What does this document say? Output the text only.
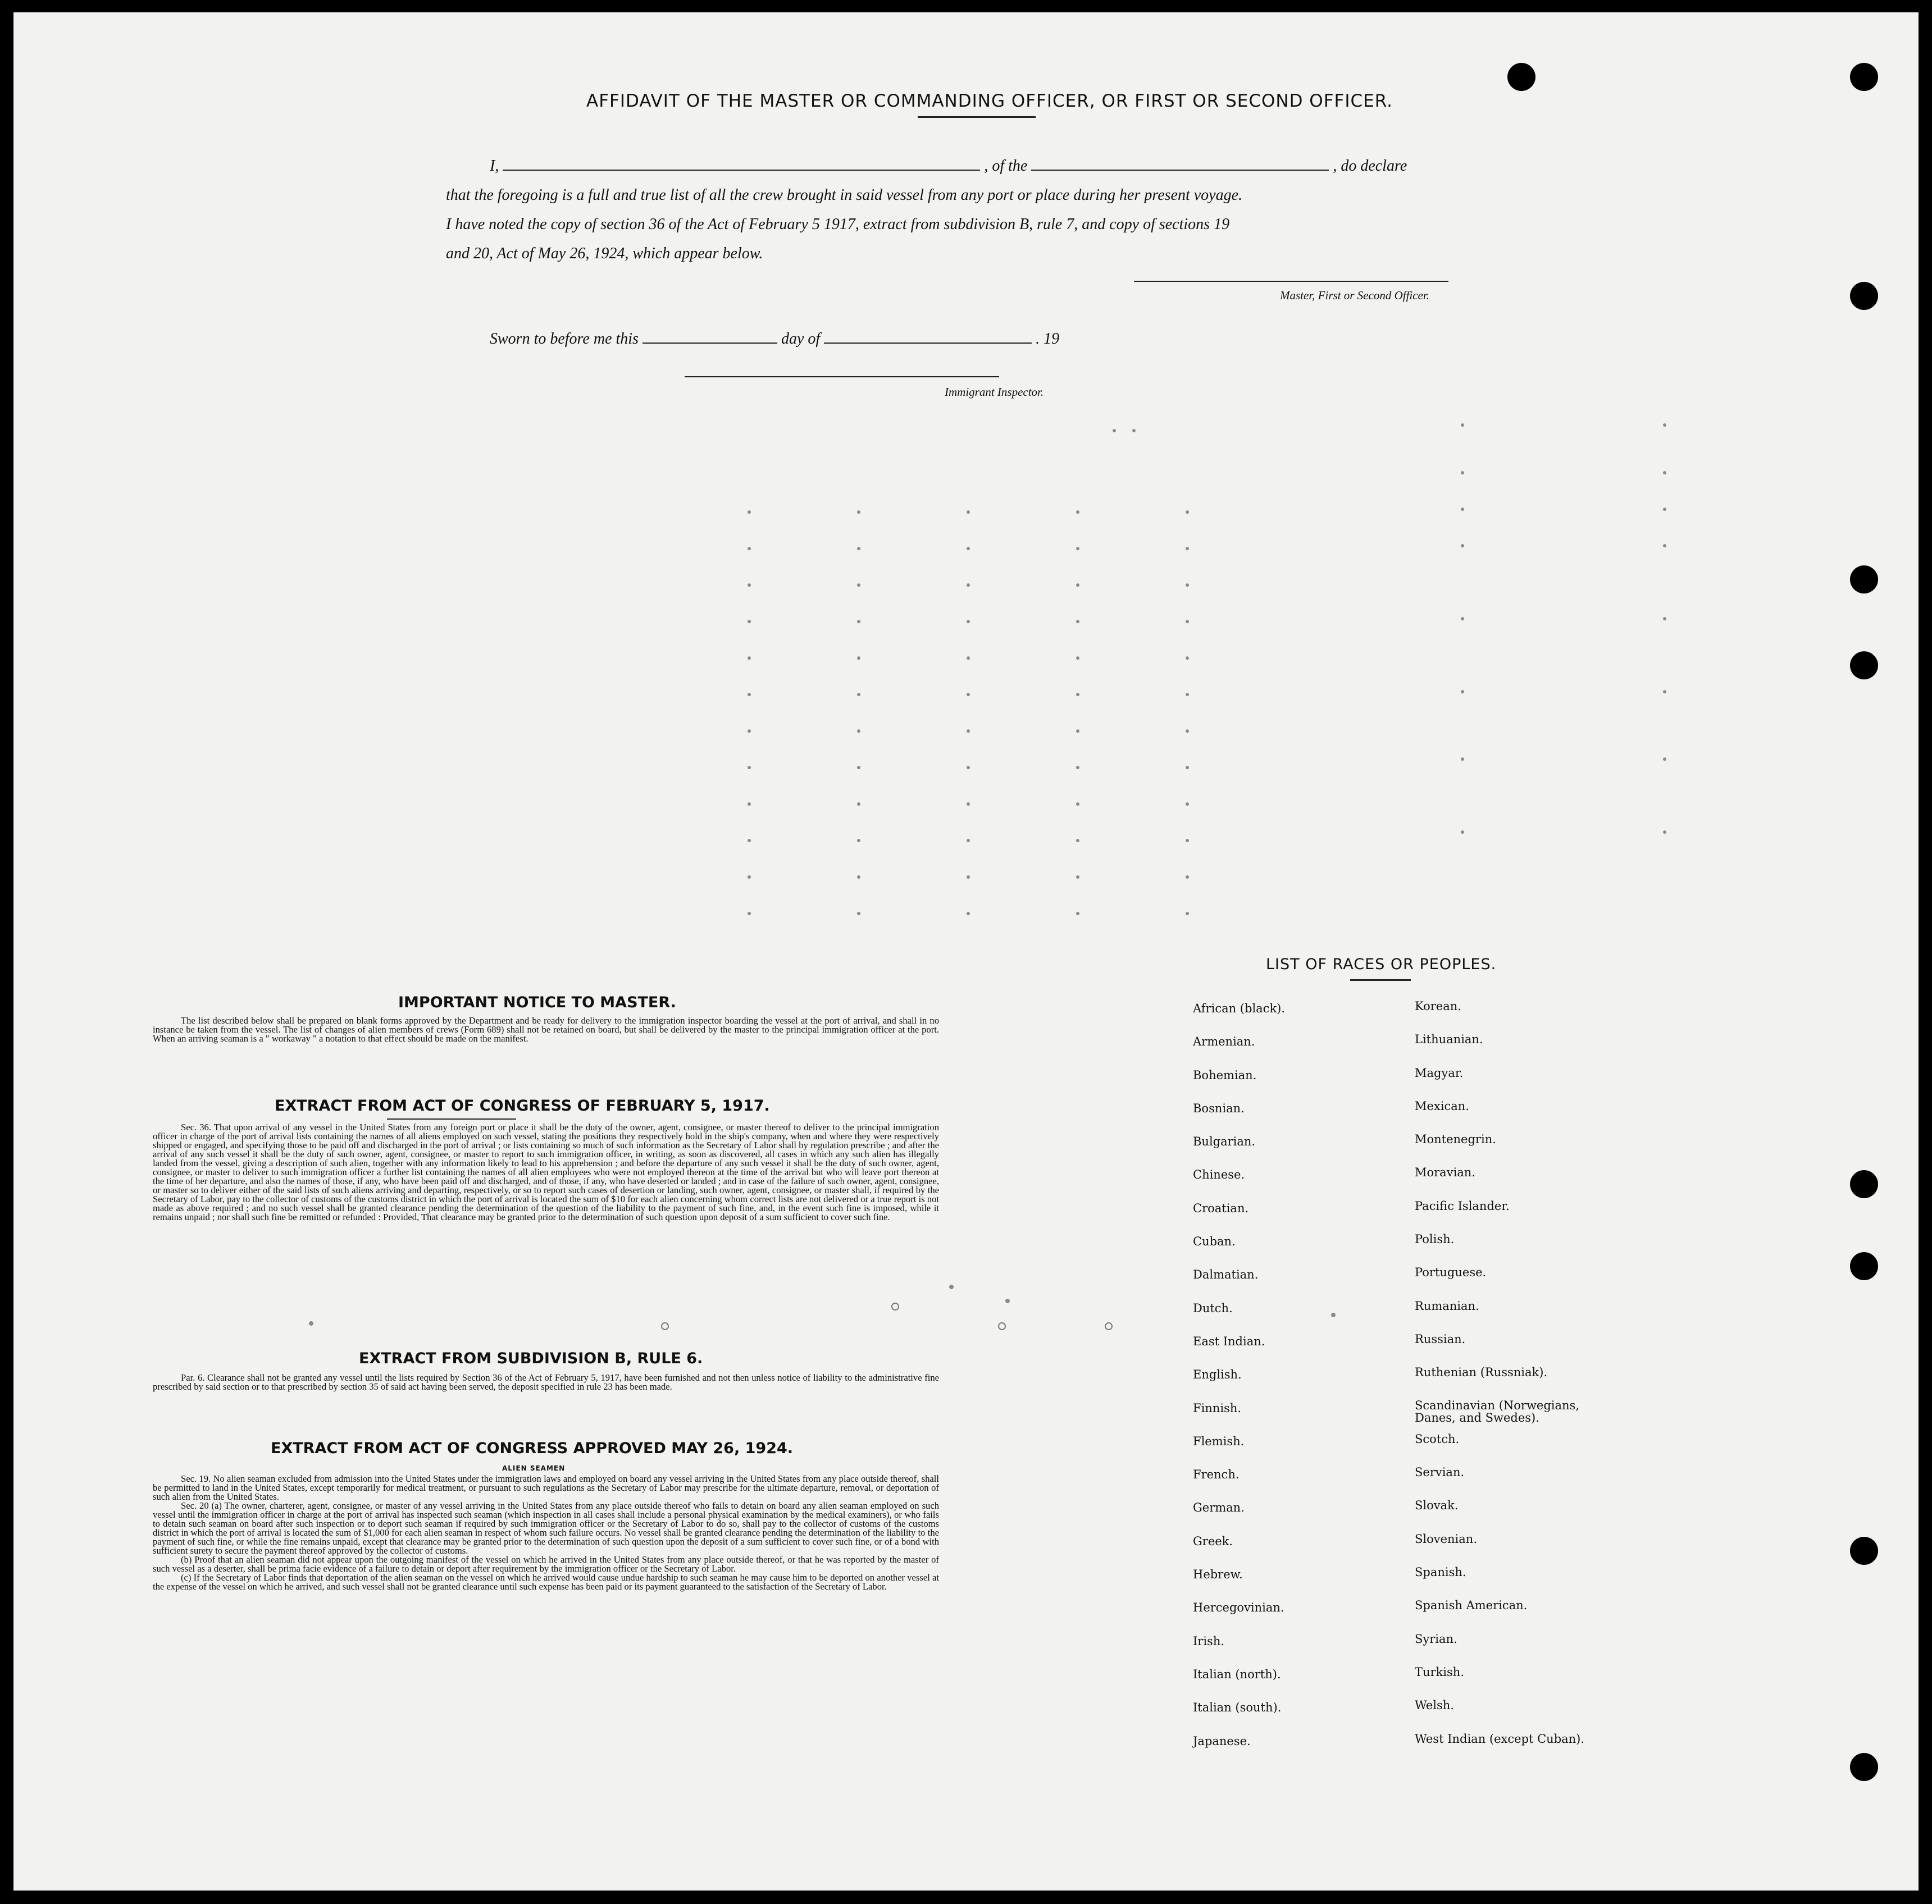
AFFIDAVIT OF THE MASTER OR COMMANDING OFFICER, OR FIRST OR SECOND OFFICER.
I,	, of the	, do declare
that the foregoing is a full and true list of all the crew brought in said vessel from any port or place during her present voyage.
I have noted the copy of section 36 of the Act of February 5 1917, extract from subdivision B, rule 7, and copy of sections 19
and 20, Act of May 26, 1924, which appear below.
Master, First or Second Officer.
Sworn to before me this	day of	. 19
Immigrant Inspector.
IMPORTANT NOTICE TO MASTER.
The list described below shall be prepared on blank forms approved by the Department and be ready for delivery to the immigration inspector boarding the vessel at the port of arrival, and shall in no instance be taken from the vessel. The list of changes of alien members of crews (Form 689) shall not be retained on board, but shall be delivered by the master to the principal immigration officer at the port. When an arriving seaman is a " workaway " a notation to that effect should be made on the manifest.
EXTRACT FROM ACT OF CONGRESS OF FEBRUARY 5, 1917.
Sec. 36. That upon arrival of any vessel in the United States from any foreign port or place it shall be the duty of the owner, agent, consignee, or master thereof to deliver to the principal immigration officer in charge of the port of arrival lists containing the names of all aliens employed on such vessel, stating the positions they respectively hold in the ship's company, when and where they were respectively shipped or engaged, and specifying those to be paid off and discharged in the port of arrival ; or lists containing so much of such information as the Secretary of Labor shall by regulation prescribe ; and after the arrival of any such vessel it shall be the duty of such owner, agent, consignee, or master to report to such immigration officer, in writing, as soon as discovered, all cases in which any such alien has illegally landed from the vessel, giving a description of such alien, together with any information likely to lead to his apprehension ; and before the departure of any such vessel it shall be the duty of such owner, agent, consignee, or master to deliver to such immigration officer a further list containing the names of all alien employees who were not employed thereon at the time of the arrival but who will leave port thereon at the time of her departure, and also the names of those, if any, who have been paid off and discharged, and of those, if any, who have deserted or landed ; and in case of the failure of such owner, agent, consignee, or master so to deliver either of the said lists of such aliens arriving and departing, respectively, or so to report such cases of desertion or landing, such owner, agent, consignee, or master shall, if required by the Secretary of Labor, pay to the collector of customs of the customs district in which the port of arrival is located the sum of $10 for each alien concerning whom correct lists are not delivered or a true report is not made as above required ; and no such vessel shall be granted clearance pending the determination of the question of the liability to the payment of such fine, and, in the event such fine is imposed, while it remains unpaid ; nor shall such fine be remitted or refunded : Provided, That clearance may be granted prior to the determination of such question upon deposit of a sum sufficient to cover such fine.
EXTRACT FROM SUBDIVISION B, RULE 6.
Par. 6. Clearance shall not be granted any vessel until the lists required by Section 36 of the Act of February 5, 1917, have been furnished and not then unless notice of liability to the administrative fine prescribed by said section or to that prescribed by section 35 of said act having been served, the deposit specified in rule 23 has been made.
EXTRACT FROM ACT OF CONGRESS APPROVED MAY 26, 1924.
ALIEN SEAMEN
Sec. 19. No alien seaman excluded from admission into the United States under the immigration laws and employed on board any vessel arriving in the United States from any place outside thereof, shall be permitted to land in the United States, except temporarily for medical treatment, or pursuant to such regulations as the Secretary of Labor may prescribe for the ultimate departure, removal, or deportation of such alien from the United States.
Sec. 20 (a) The owner, charterer, agent, consignee, or master of any vessel arriving in the United States from any place outside thereof who fails to detain on board any alien seaman employed on such vessel until the immigration officer in charge at the port of arrival has inspected such seaman (which inspection in all cases shall include a personal physical examination by the medical examiners), or who fails to detain such seaman on board after such inspection or to deport such seaman if required by such immigration officer or the Secretary of Labor to do so, shall pay to the collector of customs of the customs district in which the port of arrival is located the sum of $1,000 for each alien seaman in respect of whom such failure occurs. No vessel shall be granted clearance pending the determination of the liability to the payment of such fine, or while the fine remains unpaid, except that clearance may be granted prior to the determination of such question upon the deposit of a sum sufficient to cover such fine, or of a bond with sufficient surety to secure the payment thereof approved by the collector of customs.
(b) Proof that an alien seaman did not appear upon the outgoing manifest of the vessel on which he arrived in the United States from any place outside thereof, or that he was reported by the master of such vessel as a deserter, shall be prima facie evidence of a failure to detain or deport after requirement by the immigration officer or the Secretary of Labor.
(c) If the Secretary of Labor finds that deportation of the alien seaman on the vessel on which he arrived would cause undue hardship to such seaman he may cause him to be deported on another vessel at the expense of the vessel on which he arrived, and such vessel shall not be granted clearance until such expense has been paid or its payment guaranteed to the satisfaction of the Secretary of Labor.
LIST OF RACES OR PEOPLES.
African (black).
Armenian.
Bohemian.
Bosnian.
Bulgarian.
Chinese.
Croatian.
Cuban.
Dalmatian.
Dutch.
East Indian.
English.
Finnish.
Flemish.
French.
German.
Greek.
Hebrew.
Hercegovinian.
Irish.
Italian (north).
Italian (south).
Japanese.
Korean.
Lithuanian.
Magyar.
Mexican.
Montenegrin.
Moravian.
Pacific Islander.
Polish.
Portuguese.
Rumanian.
Russian.
Ruthenian (Russniak).
Scandinavian (Norwegians, Danes, and Swedes).
Scotch.
Servian.
Slovak.
Slovenian.
Spanish.
Spanish American.
Syrian.
Turkish.
Welsh.
West Indian (except Cuban).
